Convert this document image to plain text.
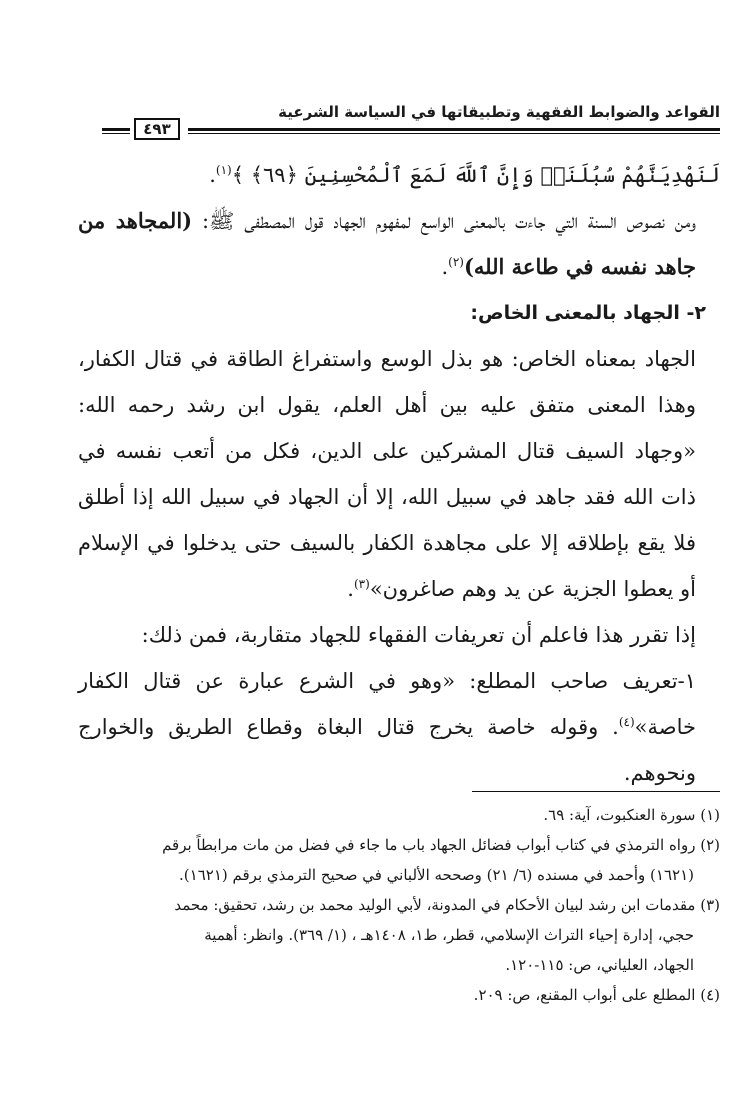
القواعد والضوابط الفقهية وتطبيقاتها في السياسة الشرعية
٤٩٣

لَنَهْدِيَنَّهُمْ سُبُلَنَاۚ وَإِنَّ ٱللَّهَ لَمَعَ ٱلْمُحْسِنِينَ ﴿٦٩﴾ ﴾$^{(١)}$.

ومن نصوص السنة التي جاءت بالمعنى الواسع لمفهوم الجهاد قول المصطفى ﷺ: (المجاهد من جاهد نفسه في طاعة الله)$^{(٢)}$.

٢- الجهاد بالمعنى الخاص:

الجهاد بمعناه الخاص: هو بذل الوسع واستفراغ الطاقة في قتال الكفار، وهذا المعنى متفق عليه بين أهل العلم، يقول ابن رشد رحمه الله: «وجهاد السيف قتال المشركين على الدين، فكل من أتعب نفسه في ذات الله فقد جاهد في سبيل الله، إلا أن الجهاد في سبيل الله إذا أطلق فلا يقع بإطلاقه إلا على مجاهدة الكفار بالسيف حتى يدخلوا في الإسلام أو يعطوا الجزية عن يد وهم صاغرون»$^{(٣)}$.

إذا تقرر هذا فاعلم أن تعريفات الفقهاء للجهاد متقاربة، فمن ذلك:

١-تعريف صاحب المطلع: «وهو في الشرع عبارة عن قتال الكفار خاصة»$^{(٤)}$. وقوله خاصة يخرج قتال البغاة وقطاع الطريق والخوارج ونحوهم.

(١) سورة العنكبوت، آية: ٦٩.

(٢) رواه الترمذي في كتاب أبواب فضائل الجهاد باب ما جاء في فضل من مات مرابطاً برقم

(١٦٢١) وأحمد في مسنده (٦/ ٢١) وصححه الألباني في صحيح الترمذي برقم (١٦٢١).

(٣) مقدمات ابن رشد لبيان الأحكام في المدونة، لأبي الوليد محمد بن رشد، تحقيق: محمد

حجي، إدارة إحياء التراث الإسلامي، قطر، ط١، ١٤٠٨هـ ، (١/ ٣٦٩). وانظر: أهمية

الجهاد، العلياني، ص: ١١٥-١٢٠.

(٤) المطلع على أبواب المقنع، ص: ٢٠٩.
